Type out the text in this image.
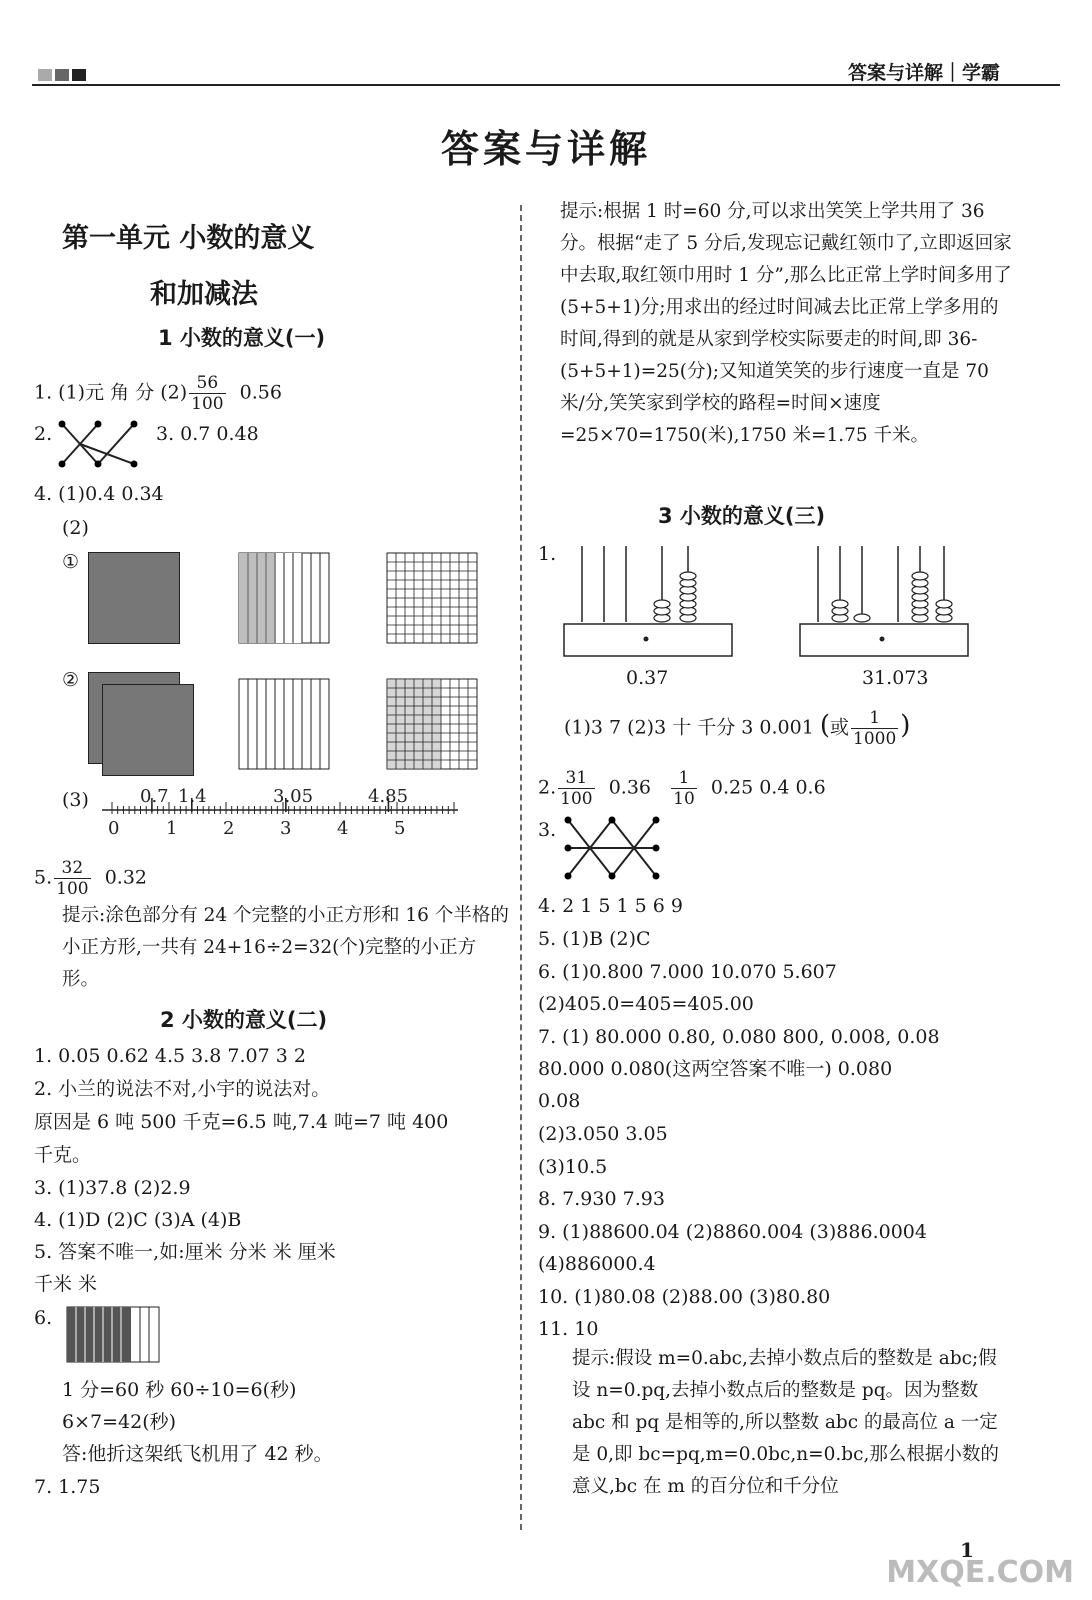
答案与详解｜学霸
答案与详解
第一单元 小数的意义
和加减法
1 小数的意义(一)
1. (1)元 角 分 $(2) \frac{56}{100} 0.56$
2.	3. 0.7 0.48
4. (1)0.4 0.34
(2)
①
②
(3)	0.7 1.4	3.05	4.85
0	1	2	3	4	5
5. $\frac{32}{100} 0.32$
提示:涂色部分有 24 个完整的小正方形和 16 个半格的小正方形,一共有 24+16÷2=32(个)完整的小正方形。
2 小数的意义(二)
1. 0.05 0.62 4.5 3.8 7.07 3 2
2. 小兰的说法不对,小宇的说法对。
原因是 6 吨 500 千克=6.5 吨,7.4 吨=7 吨 400
千克。
3. (1)37.8 (2)2.9
4. (1)D (2)C (3)A (4)B
5. 答案不唯一,如:厘米 分米 米 厘米
千米 米
6.
1 分=60 秒 60÷10=6(秒)
6×7=42(秒)
答:他折这架纸飞机用了 42 秒。
7. 1.75
提示:根据 1 时=60 分,可以求出笑笑上学共用了 36 分。根据“走了 5 分后,发现忘记戴红领巾了,立即返回家中去取,取红领巾用时 1 分”,那么比正常上学时间多用了(5+5+1)分;用求出的经过时间减去比正常上学多用的时间,得到的就是从家到学校实际要走的时间,即 36-(5+5+1)=25(分);又知道笑笑的步行速度一直是 70 米/分,笑笑家到学校的路程=时间×速度=25×70=1750(米),1750 米=1.75 千米。
3 小数的意义(三)
1.
0.37	31.073
(1)3 7 (2)3 十 千分 3 0.001 (或 $\frac{1}{1000}$ )
2. $\frac{31}{100} 0.36 \frac{1}{10} 0.25$ 0.4 0.6
3.
4. 2 1 5 1 5 6 9
5. (1)B (2)C
6. (1)0.800 7.000 10.070 5.607
(2)405.0=405=405.00
7. (1) 80.000 0.80, 0.080 800, 0.008, 0.08
80.000 0.080(这两空答案不唯一) 0.080
0.08
(2)3.050 3.05
(3)10.5
8. 7.930 7.93
9. (1)88600.04 (2)8860.004 (3)886.0004
(4)886000.4
10. (1)80.08 (2)88.00 (3)80.80
11. 10
提示:假设 m=0.abc,去掉小数点后的整数是 abc;假设 n=0.pq,去掉小数点后的整数是 pq。因为整数 abc 和 pq 是相等的,所以整数 abc 的最高位 a 一定是 0,即 bc=pq,m=0.0bc,n=0.bc,那么根据小数的意义,bc 在 m 的百分位和千分位
1
MXQE.COM
